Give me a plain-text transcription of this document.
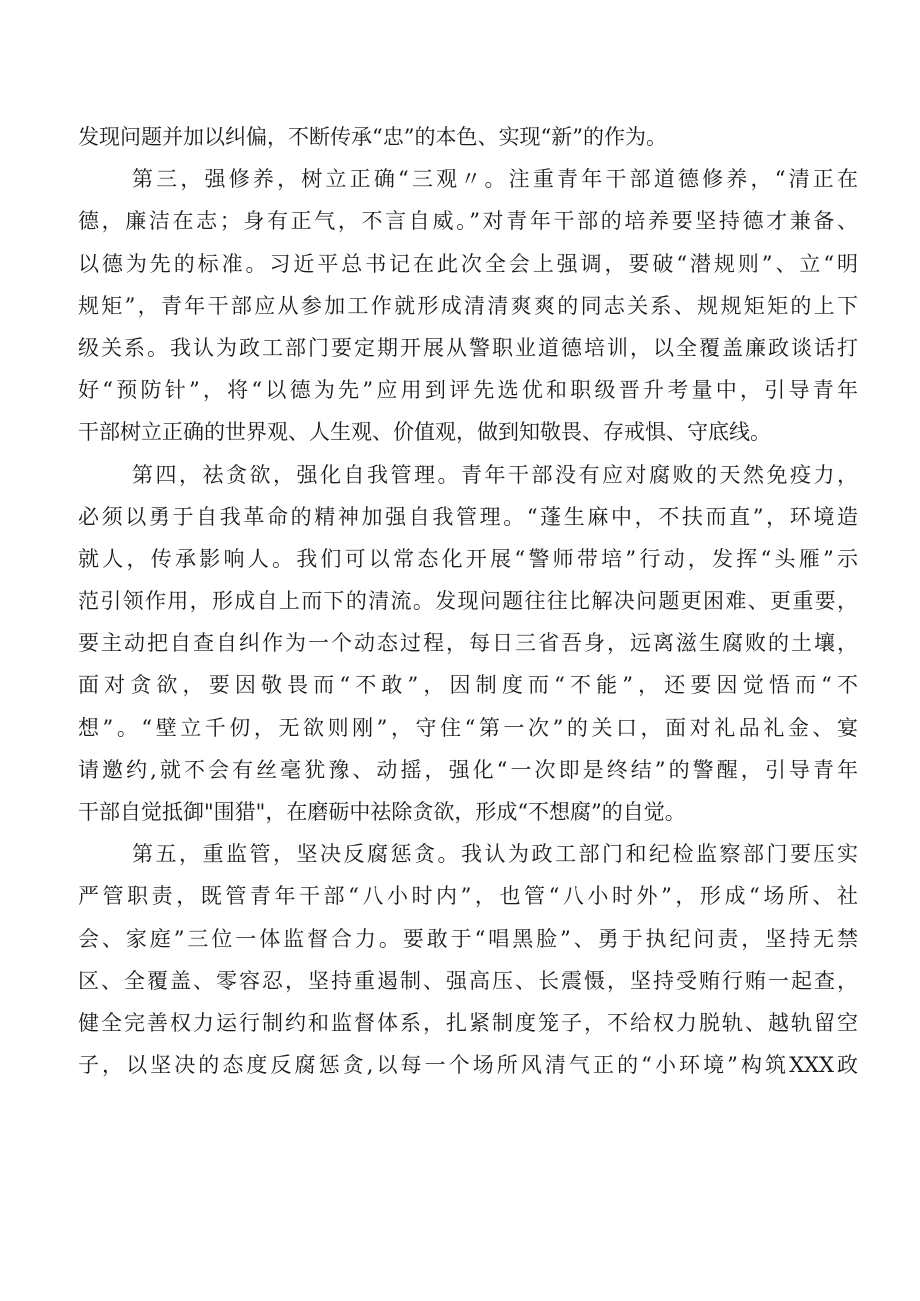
发现问题并加以纠偏，不断传承“忠”的本色、实现“新”的作为。
第三，强修养，树立正确“三观〃。注重青年干部道德修养，“清正在
德，廉洁在志；身有正气，不言自威。”对青年干部的培养要坚持德才兼备、
以德为先的标准。习近平总书记在此次全会上强调，要破“潜规则”、立“明
规矩”，青年干部应从参加工作就形成清清爽爽的同志关系、规规矩矩的上下
级关系。我认为政工部门要定期开展从警职业道德培训，以全覆盖廉政谈话打
好“预防针”，将“以德为先”应用到评先选优和职级晋升考量中，引导青年
干部树立正确的世界观、人生观、价值观，做到知敬畏、存戒惧、守底线。
第四，祛贪欲，强化自我管理。青年干部没有应对腐败的天然免疫力，
必须以勇于自我革命的精神加强自我管理。“蓬生麻中，不扶而直”，环境造
就人，传承影响人。我们可以常态化开展“警师带培”行动，发挥“头雁”示
范引领作用，形成自上而下的清流。发现问题往往比解决问题更困难、更重要，
要主动把自查自纠作为一个动态过程，每日三省吾身，远离滋生腐败的土壤，
面对贪欲，要因敬畏而“不敢”，因制度而“不能”，还要因觉悟而“不
想”。“壁立千仞，无欲则刚”，守住“第一次”的关口，面对礼品礼金、宴
请邀约,就不会有丝毫犹豫、动摇，强化“一次即是终结”的警醒，引导青年
干部自觉抵御"围猎"，在磨砺中祛除贪欲，形成“不想腐”的自觉。
第五，重监管，坚决反腐惩贪。我认为政工部门和纪检监察部门要压实
严管职责，既管青年干部“八小时内”，也管“八小时外”，形成“场所、社
会、家庭”三位一体监督合力。要敢于“唱黑脸”、勇于执纪问责，坚持无禁
区、全覆盖、零容忍，坚持重遏制、强高压、长震慑，坚持受贿行贿一起查，
健全完善权力运行制约和监督体系，扎紧制度笼子，不给权力脱轨、越轨留空
子，以坚决的态度反腐惩贪,以每一个场所风清气正的“小环境”构筑XXX政
